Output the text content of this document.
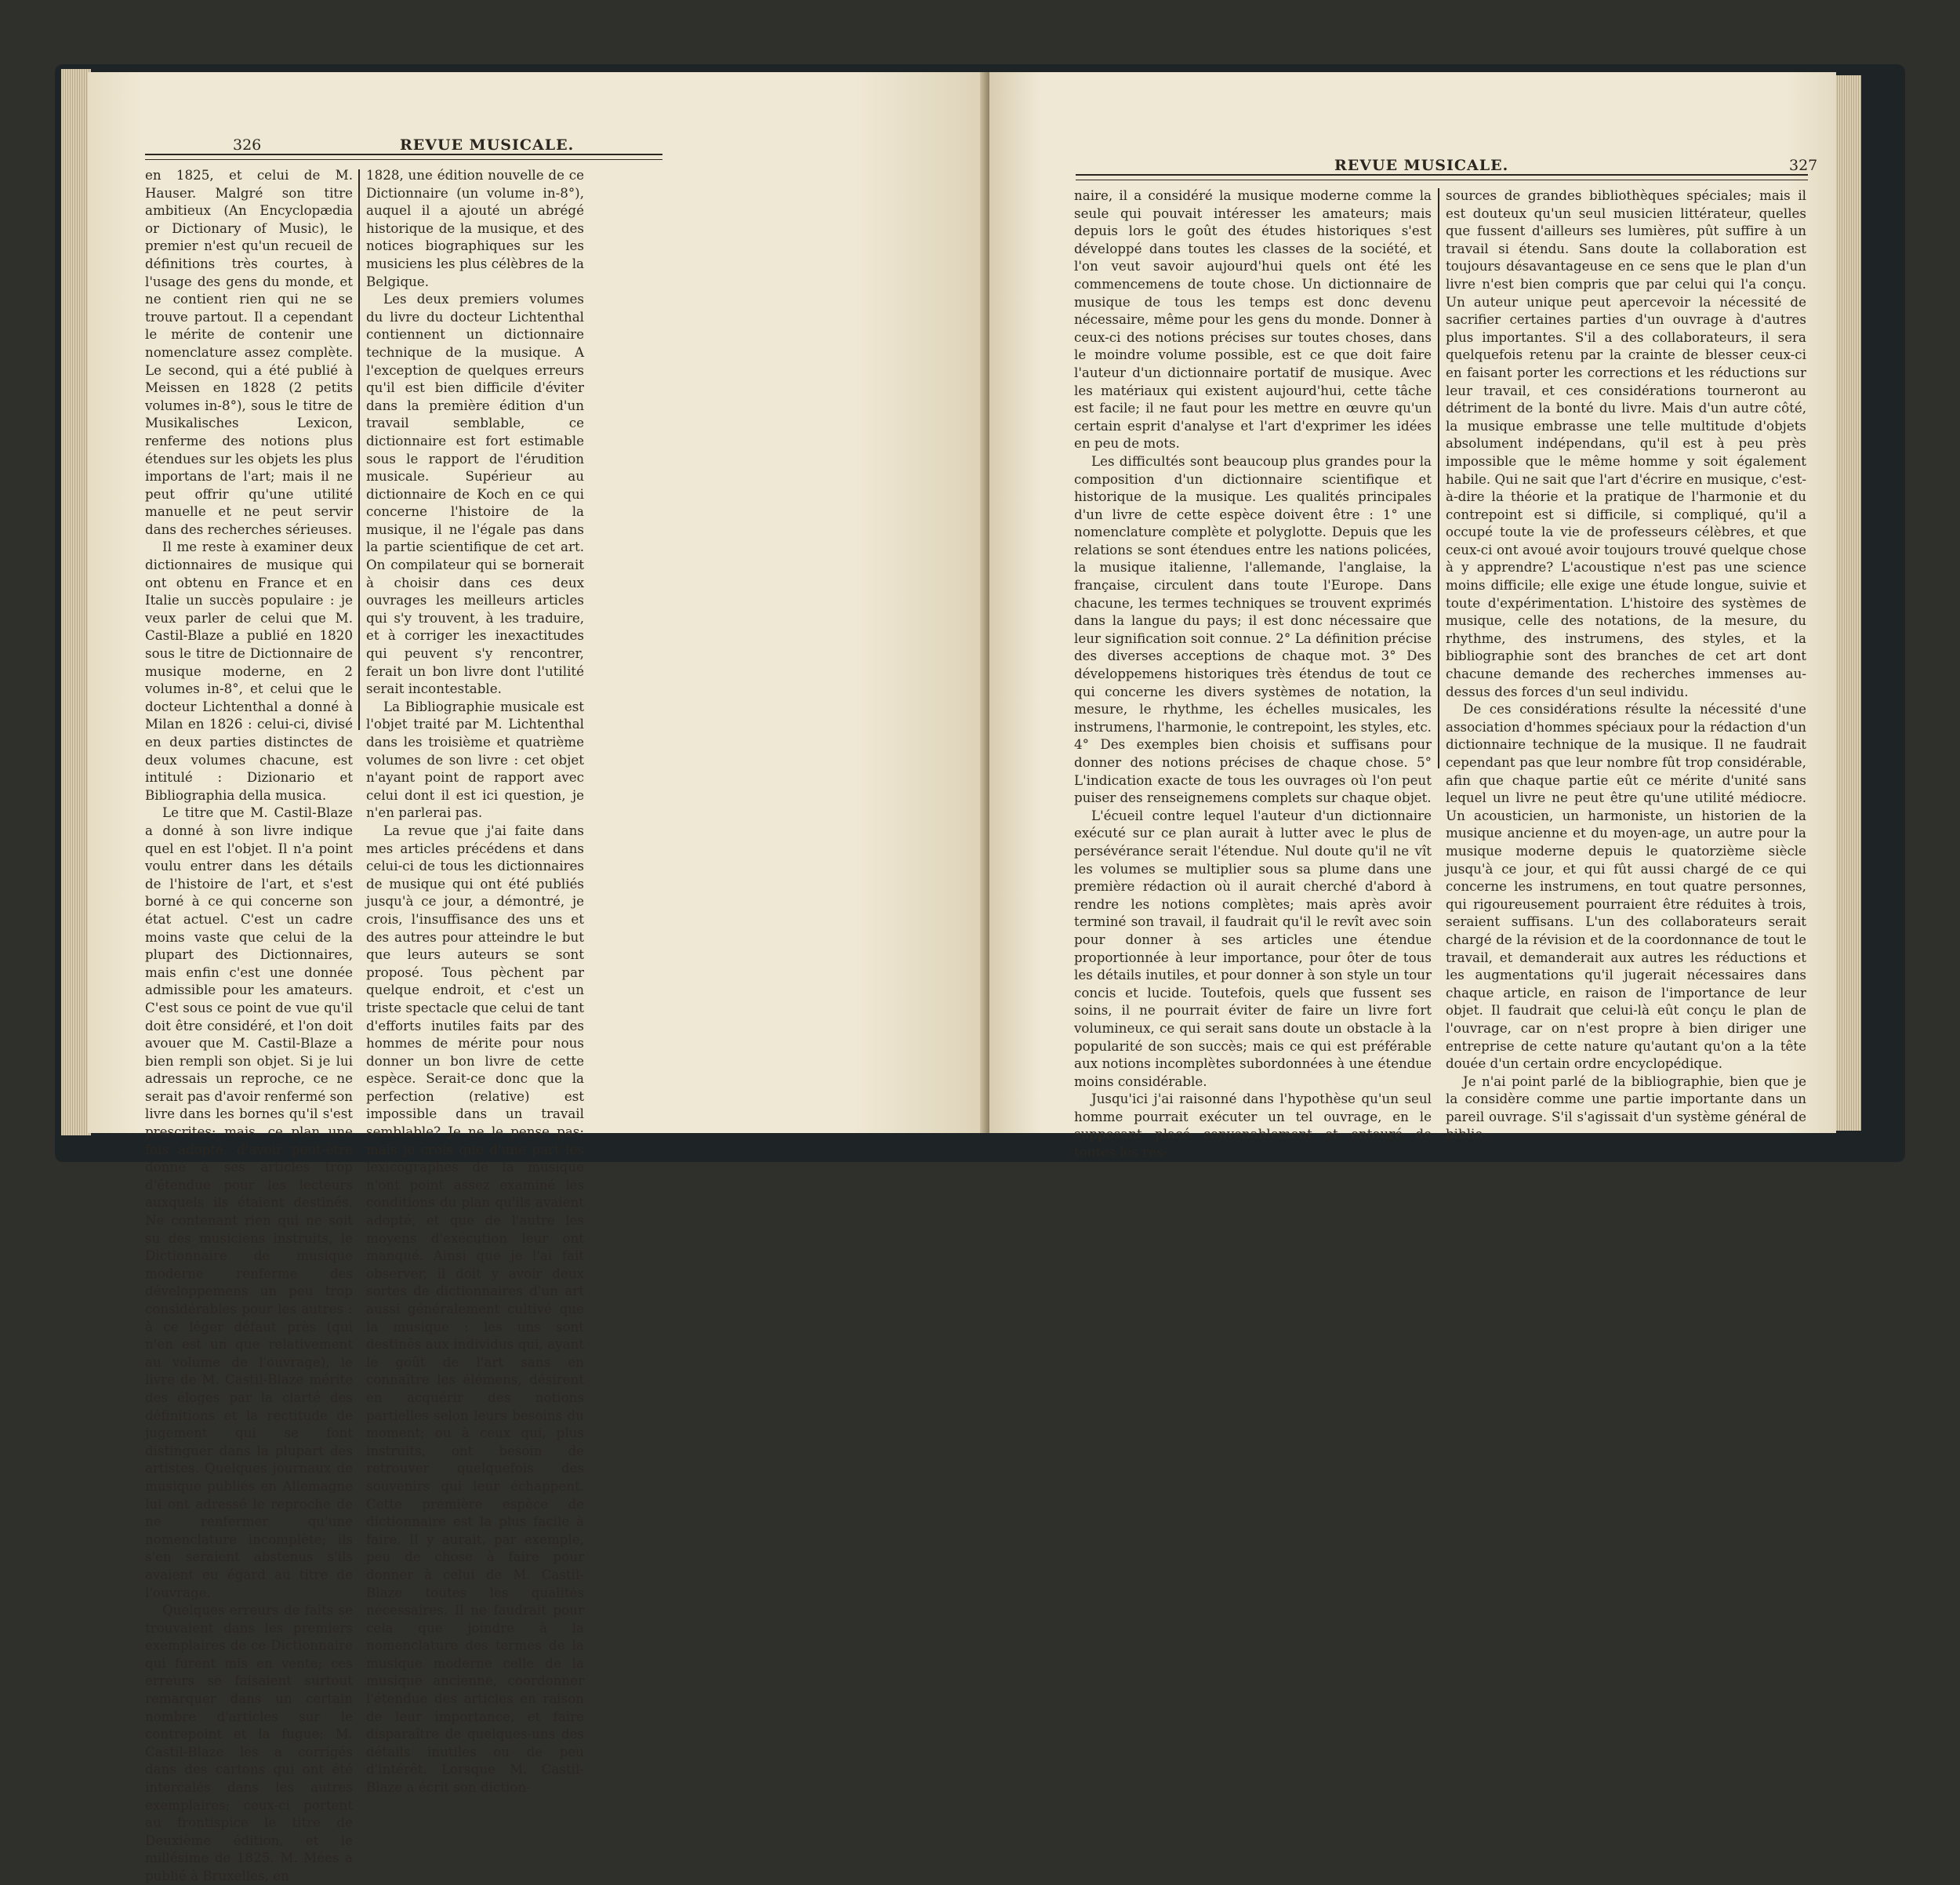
326	REVUE MUSICALE.

en 1825, et celui de M. Hauser. Malgré son titre ambitieux (An Encyclopædia or Dictionary of Music), le premier n'est qu'un recueil de définitions très courtes, à l'usage des gens du monde, et ne contient rien qui ne se trouve partout. Il a cependant le mérite de contenir une nomenclature assez complète. Le second, qui a été publié à Meissen en 1828 (2 petits volumes in-8°), sous le titre de Musikalisches Lexicon, renferme des notions plus étendues sur les objets les plus importans de l'art; mais il ne peut offrir qu'une utilité manuelle et ne peut servir dans des recherches sérieuses.

Il me reste à examiner deux dictionnaires de musique qui ont obtenu en France et en Italie un succès populaire : je veux parler de celui que M. Castil-Blaze a publié en 1820 sous le titre de Dictionnaire de musique moderne, en 2 volumes in-8°, et celui que le docteur Lichtenthal a donné à Milan en 1826 : celui-ci, divisé en deux parties distinctes de deux volumes chacune, est intitulé : Dizionario et Bibliographia della musica.

Le titre que M. Castil-Blaze a donné à son livre indique quel en est l'objet. Il n'a point voulu entrer dans les détails de l'histoire de l'art, et s'est borné à ce qui concerne son état actuel. C'est un cadre moins vaste que celui de la plupart des Dictionnaires, mais enfin c'est une donnée admissible pour les amateurs. C'est sous ce point de vue qu'il doit être considéré, et l'on doit avouer que M. Castil-Blaze a bien rempli son objet. Si je lui adressais un reproche, ce ne serait pas d'avoir renfermé son livre dans les bornes qu'il s'est prescrites; mais, ce plan une fois adopté, d'avoir peut-être donné à ses articles trop d'étendue pour les lecteurs auxquels ils étaient destinés. Ne contenant rien qui ne soit su des musiciens instruits, le Dictionnaire de musique moderne renferme des développemens un peu trop considérables pour les autres : à ce léger défaut près (qui n'en est un que relativement au volume de l'ouvrage), le livre de M. Castil-Blaze mérite des éloges par la clarté des définitions et la rectitude de jugement qui se font distinguer dans la plupart des artistes. Quelques journaux de musique publiés en Allemagne lui ont adressé le reproche de ne renfermer qu'une nomenclature incomplète; ils s'en seraient abstenus s'ils avaient eu égard au titre de l'ouvrage.

Quelques erreurs de faits se trouvaient dans les premiers exemplaires de ce Dictionnaire qui furent mis en vente; ces erreurs se faisaient surtout remarquer dans un certain nombre d'articles sur le contrepoint et la fugue; M. Castil-Blaze les a corrigés dans des cartons qui ont été intercalés dans les autres exemplaires; ceux-ci portent au frontispice le titre de Deuxième édition, et le millésime de 1825. M. Mées a publié à Bruxelles, en

1828, une édition nouvelle de ce Dictionnaire (un volume in-8°), auquel il a ajouté un abrégé historique de la musique, et des notices biographiques sur les musiciens les plus célèbres de la Belgique.

Les deux premiers volumes du livre du docteur Lichtenthal contiennent un dictionnaire technique de la musique. A l'exception de quelques erreurs qu'il est bien difficile d'éviter dans la première édition d'un travail semblable, ce dictionnaire est fort estimable sous le rapport de l'érudition musicale. Supérieur au dictionnaire de Koch en ce qui concerne l'histoire de la musique, il ne l'égale pas dans la partie scientifique de cet art. On compilateur qui se bornerait à choisir dans ces deux ouvrages les meilleurs articles qui s'y trouvent, à les traduire, et à corriger les inexactitudes qui peuvent s'y rencontrer, ferait un bon livre dont l'utilité serait incontestable.

La Bibliographie musicale est l'objet traité par M. Lichtenthal dans les troisième et quatrième volumes de son livre : cet objet n'ayant point de rapport avec celui dont il est ici question, je n'en parlerai pas.

La revue que j'ai faite dans mes articles précédens et dans celui-ci de tous les dictionnaires de musique qui ont été publiés jusqu'à ce jour, a démontré, je crois, l'insuffisance des uns et des autres pour atteindre le but que leurs auteurs se sont proposé. Tous pèchent par quelque endroit, et c'est un triste spectacle que celui de tant d'efforts inutiles faits par des hommes de mérite pour nous donner un bon livre de cette espèce. Serait-ce donc que la perfection (relative) est impossible dans un travail semblable? Je ne le pense pas; mais je crois que d'une part les lexicographes de la musique n'ont point assez examiné les conditions du plan qu'ils avaient adopté, et que de l'autre les moyens d'exécution leur ont manqué. Ainsi que je l'ai fait observer, il doit y avoir deux sortes de dictionnaires d'un art aussi généralement cultivé que la musique : les uns sont destinés aux individus qui, ayant le goût de l'art sans en connaître les élémens, désirent en acquérir des notions partielles selon leurs besoins du moment; ou à ceux qui, plus instruits, ont besoin de retrouver quelquefois des souvenirs qui leur échappent. Cette première espèce de dictionnaire est la plus facile à faire. Il y aurait, par exemple, peu de chose à faire pour donner à celui de M. Castil-Blaze toutes les qualités nécessaires. Il ne faudrait pour cela que joindre à la nomenclature des termes de la musique moderne celle de la musique ancienne, coordonner l'étendue des articles en raison de leur importance, et faire disparaître de quelques-uns des détails inutiles ou de peu d'intérêt. Lorsque M. Castil-Blaze a écrit son diction-

REVUE MUSICALE.	327

naire, il a considéré la musique moderne comme la seule qui pouvait intéresser les amateurs; mais depuis lors le goût des études historiques s'est développé dans toutes les classes de la société, et l'on veut savoir aujourd'hui quels ont été les commencemens de toute chose. Un dictionnaire de musique de tous les temps est donc devenu nécessaire, même pour les gens du monde. Donner à ceux-ci des notions précises sur toutes choses, dans le moindre volume possible, est ce que doit faire l'auteur d'un dictionnaire portatif de musique. Avec les matériaux qui existent aujourd'hui, cette tâche est facile; il ne faut pour les mettre en œuvre qu'un certain esprit d'analyse et l'art d'exprimer les idées en peu de mots.

Les difficultés sont beaucoup plus grandes pour la composition d'un dictionnaire scientifique et historique de la musique. Les qualités principales d'un livre de cette espèce doivent être : 1° une nomenclature complète et polyglotte. Depuis que les relations se sont étendues entre les nations policées, la musique italienne, l'allemande, l'anglaise, la française, circulent dans toute l'Europe. Dans chacune, les termes techniques se trouvent exprimés dans la langue du pays; il est donc nécessaire que leur signification soit connue. 2° La définition précise des diverses acceptions de chaque mot. 3° Des développemens historiques très étendus de tout ce qui concerne les divers systèmes de notation, la mesure, le rhythme, les échelles musicales, les instrumens, l'harmonie, le contrepoint, les styles, etc. 4° Des exemples bien choisis et suffisans pour donner des notions précises de chaque chose. 5° L'indication exacte de tous les ouvrages où l'on peut puiser des renseignemens complets sur chaque objet.

L'écueil contre lequel l'auteur d'un dictionnaire exécuté sur ce plan aurait à lutter avec le plus de persévérance serait l'étendue. Nul doute qu'il ne vît les volumes se multiplier sous sa plume dans une première rédaction où il aurait cherché d'abord à rendre les notions complètes; mais après avoir terminé son travail, il faudrait qu'il le revît avec soin pour donner à ses articles une étendue proportionnée à leur importance, pour ôter de tous les détails inutiles, et pour donner à son style un tour concis et lucide. Toutefois, quels que fussent ses soins, il ne pourrait éviter de faire un livre fort volumineux, ce qui serait sans doute un obstacle à la popularité de son succès; mais ce qui est préférable aux notions incomplètes subordonnées à une étendue moins considérable.

Jusqu'ici j'ai raisonné dans l'hypothèse qu'un seul homme pourrait exécuter un tel ouvrage, en le supposant placé convenablement et entouré de toutes les res-

sources de grandes bibliothèques spéciales; mais il est douteux qu'un seul musicien littérateur, quelles que fussent d'ailleurs ses lumières, pût suffire à un travail si étendu. Sans doute la collaboration est toujours désavantageuse en ce sens que le plan d'un livre n'est bien compris que par celui qui l'a conçu. Un auteur unique peut apercevoir la nécessité de sacrifier certaines parties d'un ouvrage à d'autres plus importantes. S'il a des collaborateurs, il sera quelquefois retenu par la crainte de blesser ceux-ci en faisant porter les corrections et les réductions sur leur travail, et ces considérations tourneront au détriment de la bonté du livre. Mais d'un autre côté, la musique embrasse une telle multitude d'objets absolument indépendans, qu'il est à peu près impossible que le même homme y soit également habile. Qui ne sait que l'art d'écrire en musique, c'est-à-dire la théorie et la pratique de l'harmonie et du contrepoint est si difficile, si compliqué, qu'il a occupé toute la vie de professeurs célèbres, et que ceux-ci ont avoué avoir toujours trouvé quelque chose à y apprendre? L'acoustique n'est pas une science moins difficile; elle exige une étude longue, suivie et toute d'expérimentation. L'histoire des systèmes de musique, celle des notations, de la mesure, du rhythme, des instrumens, des styles, et la bibliographie sont des branches de cet art dont chacune demande des recherches immenses au-dessus des forces d'un seul individu.

De ces considérations résulte la nécessité d'une association d'hommes spéciaux pour la rédaction d'un dictionnaire technique de la musique. Il ne faudrait cependant pas que leur nombre fût trop considérable, afin que chaque partie eût ce mérite d'unité sans lequel un livre ne peut être qu'une utilité médiocre. Un acousticien, un harmoniste, un historien de la musique ancienne et du moyen-age, un autre pour la musique moderne depuis le quatorzième siècle jusqu'à ce jour, et qui fût aussi chargé de ce qui concerne les instrumens, en tout quatre personnes, qui rigoureusement pourraient être réduites à trois, seraient suffisans. L'un des collaborateurs serait chargé de la révision et de la coordonnance de tout le travail, et demanderait aux autres les réductions et les augmentations qu'il jugerait nécessaires dans chaque article, en raison de l'importance de leur objet. Il faudrait que celui-là eût conçu le plan de l'ouvrage, car on n'est propre à bien diriger une entreprise de cette nature qu'autant qu'on a la tête douée d'un certain ordre encyclopédique.

Je n'ai point parlé de la bibliographie, bien que je la considère comme une partie importante dans un pareil ouvrage. S'il s'agissait d'un système général de biblio-
